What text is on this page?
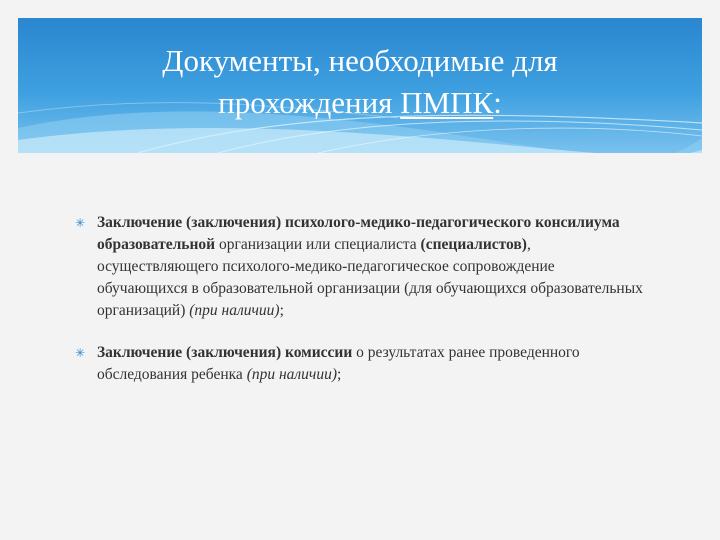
Документы, необходимые для
прохождения ПМПК:
✳ Заключение (заключения) психолого-медико-педагогического консилиума образовательной организации или специалиста (специалистов), осуществляющего психолого-медико-педагогическое сопровождение обучающихся в образовательной организации (для обучающихся образовательных организаций) (при наличии);
✳ Заключение (заключения) комиссии о результатах ранее проведенного обследования ребенка (при наличии);
